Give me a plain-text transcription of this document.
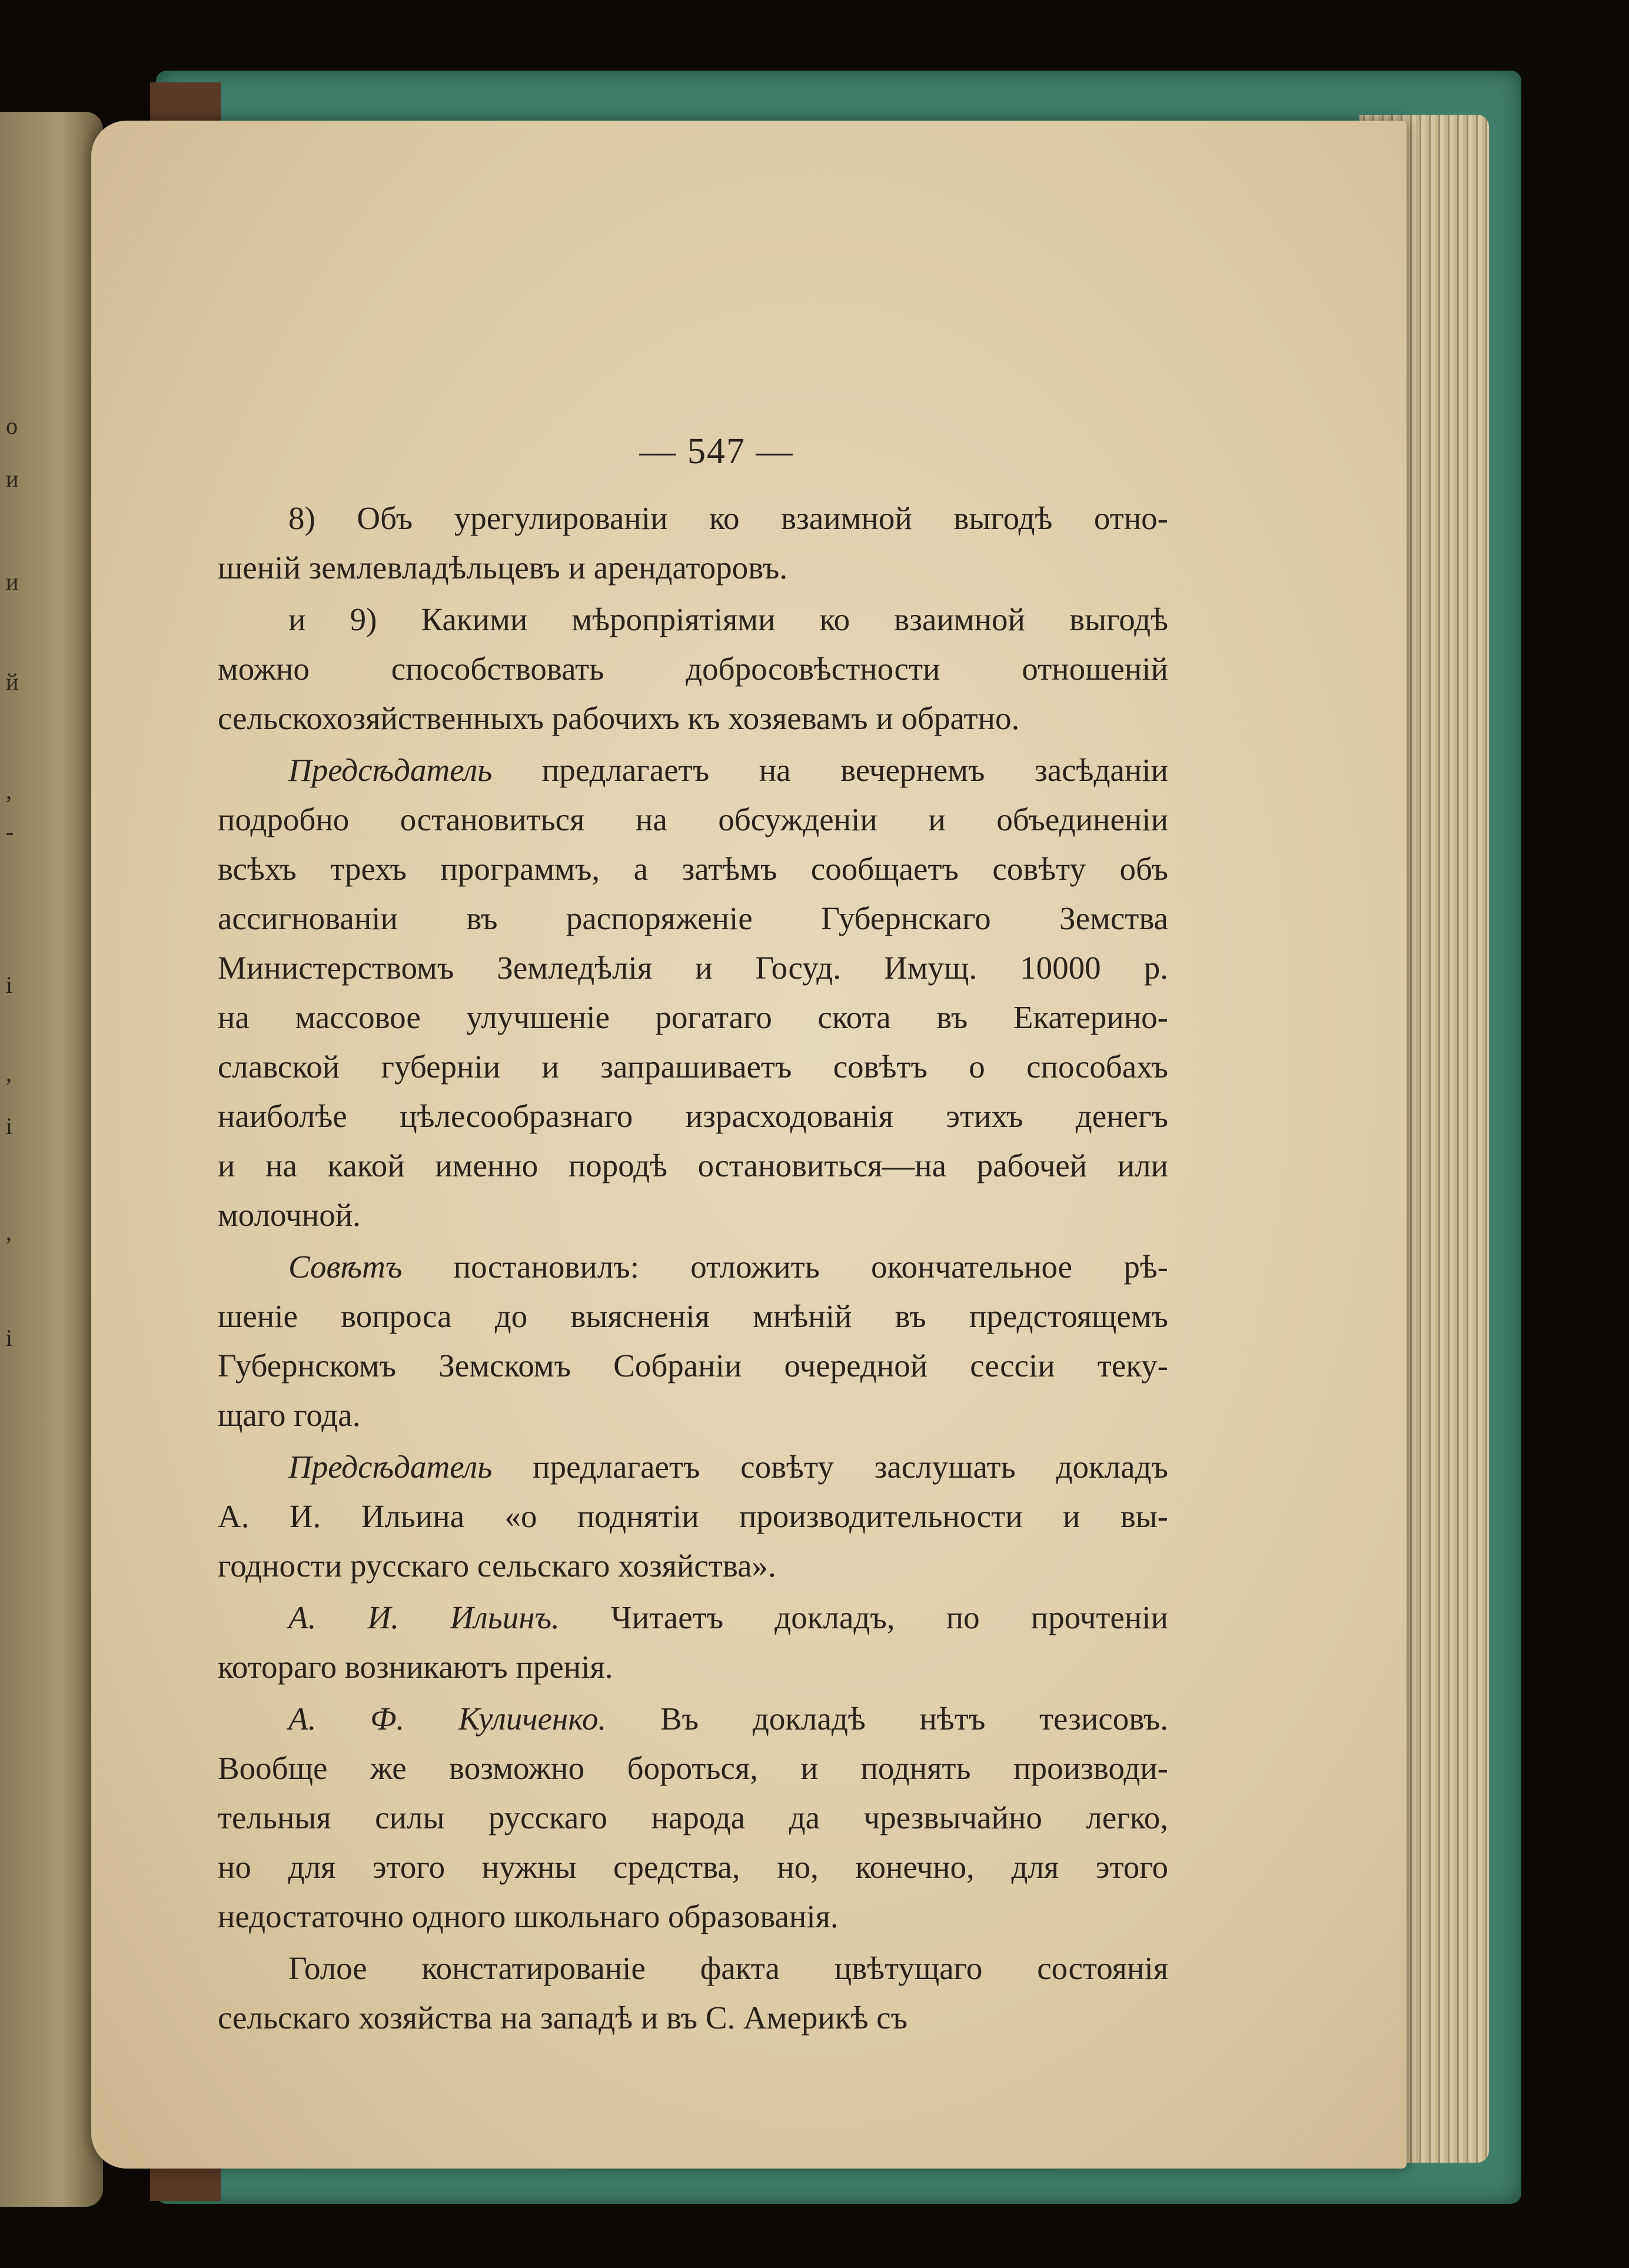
о
и
и
й
,
-
і
,
і
,
і
— 547 —
8) Объ урегулированіи ко взаимной выгодѣ отно-
шеній землевладѣльцевъ и арендаторовъ.
и 9) Какими мѣропріятіями ко взаимной выгодѣ
можно способствовать добросовѣстности отношеній
сельскохозяйственныхъ рабочихъ къ хозяевамъ и обратно.
Предсѣдатель предлагаетъ на вечернемъ засѣданіи
подробно остановиться на обсужденіи и объединеніи
всѣхъ трехъ программъ, а затѣмъ сообщаетъ совѣту объ
ассигнованіи въ распоряженіе Губернскаго Земства
Министерствомъ Земледѣлія и Госуд. Имущ. 10000 р.
на массовое улучшеніе рогатаго скота въ Екатерино-
славской губерніи и запрашиваетъ совѣтъ о способахъ
наиболѣе цѣлесообразнаго израсходованія этихъ денегъ
и на какой именно породѣ остановиться—на рабочей или
молочной.
Совѣтъ постановилъ: отложить окончательное рѣ-
шеніе вопроса до выясненія мнѣній въ предстоящемъ
Губернскомъ Земскомъ Собраніи очередной сессіи теку-
щаго года.
Предсѣдатель предлагаетъ совѣту заслушать докладъ
А. И. Ильина «о поднятіи производительности и вы-
годности русскаго сельскаго хозяйства».
А. И. Ильинъ. Читаетъ докладъ, по прочтеніи
котораго возникаютъ пренія.
А. Ф. Куличенко. Въ докладѣ нѣтъ тезисовъ.
Вообще же возможно бороться, и поднять производи-
тельныя силы русскаго народа да чрезвычайно легко,
но для этого нужны средства, но, конечно, для этого
недостаточно одного школьнаго образованія.
Голое констатированіе факта цвѣтущаго состоянія
сельскаго хозяйства на западѣ и въ С. Америкѣ съ
